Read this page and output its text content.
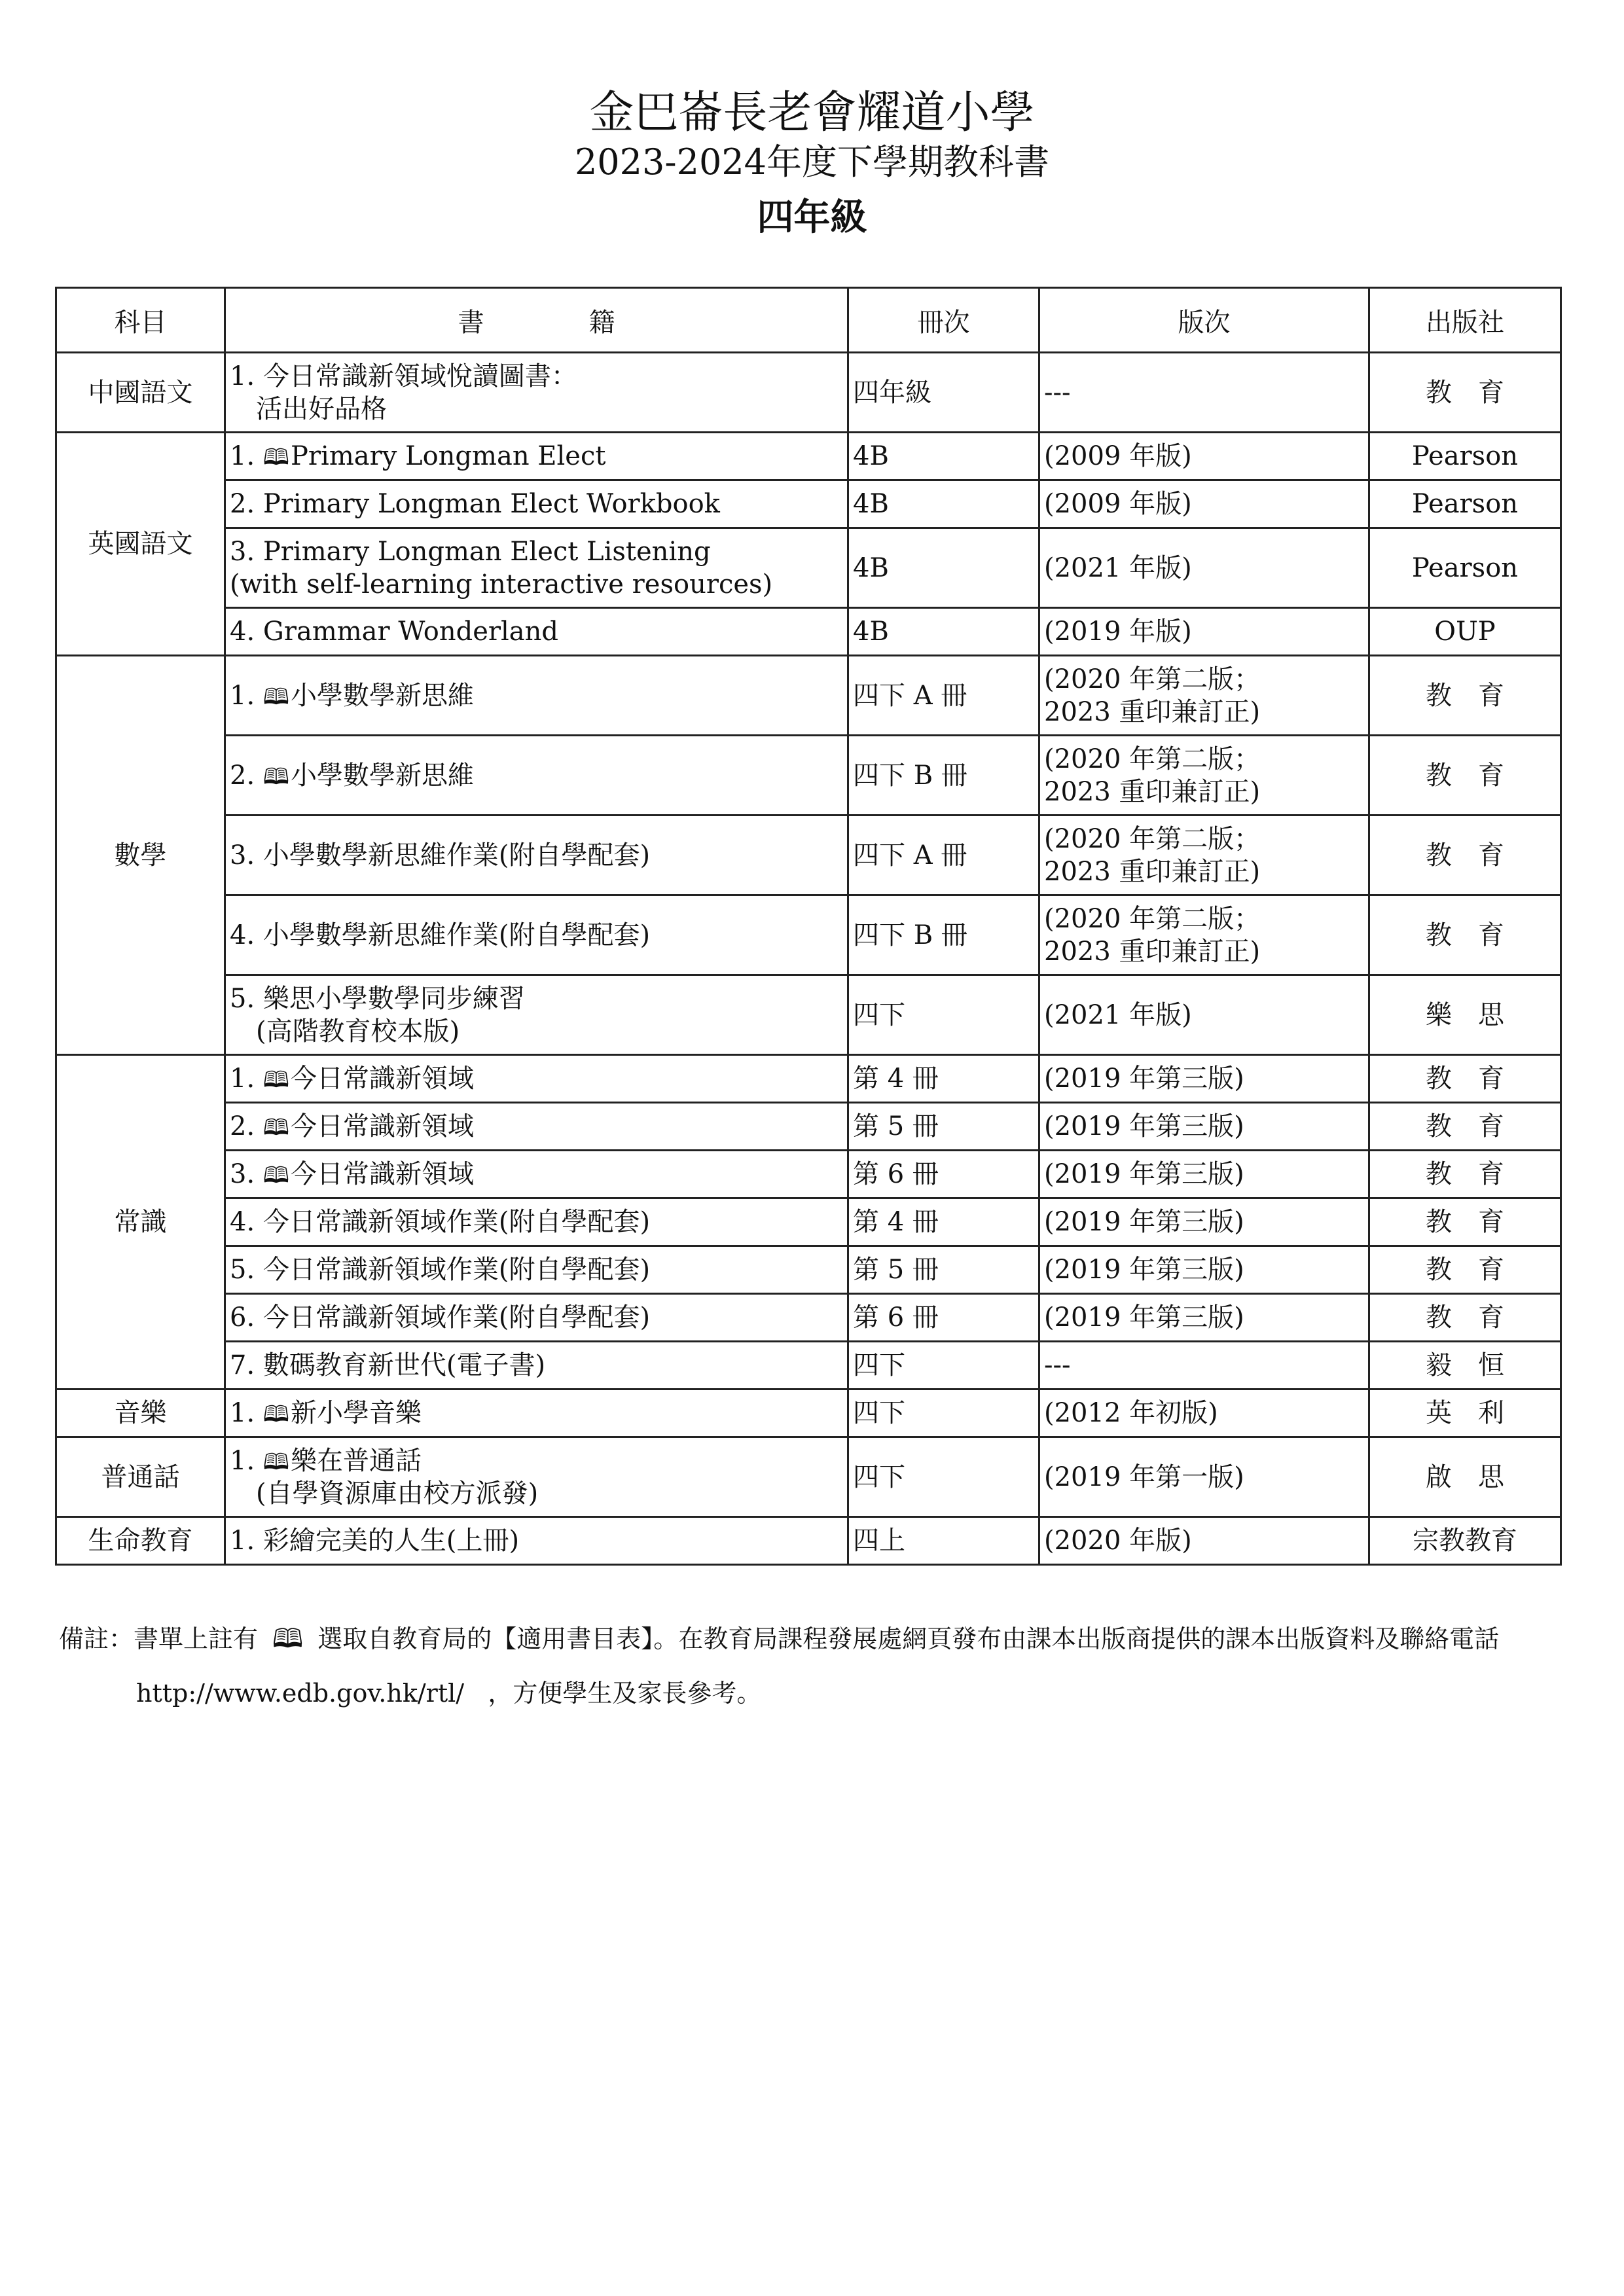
金巴崙長老會耀道小學
2023-2024年度下學期教科書
四年級
科目	書 籍	冊次	版次	出版社
中國語文	1. 今日常識新領域悅讀圖書：
活出好品格	四年級	---	教育
英國語文	1. 🕮Primary Longman Elect	4B	(2009 年版)	Pearson

	2. Primary Longman Elect Workbook	4B	(2009 年版)	Pearson

	3. Primary Longman Elect Listening
(with self-learning interactive resources)	4B	(2021 年版)	Pearson

	4. Grammar Wonderland	4B	(2019 年版)	OUP
數學	1. 🕮小學數學新思維	四下 A 冊	(2020 年第二版；
2023 重印兼訂正)	教育

	2. 🕮小學數學新思維	四下 B 冊	(2020 年第二版；
2023 重印兼訂正)	教育

	3. 小學數學新思維作業(附自學配套)	四下 A 冊	(2020 年第二版；
2023 重印兼訂正)	教育

	4. 小學數學新思維作業(附自學配套)	四下 B 冊	(2020 年第二版；
2023 重印兼訂正)	教育

	5. 樂思小學數學同步練習
(高階教育校本版)	四下	(2021 年版)	樂思
常識	1. 🕮今日常識新領域	第 4 冊	(2019 年第三版)	教育

	2. 🕮今日常識新領域	第 5 冊	(2019 年第三版)	教育

	3. 🕮今日常識新領域	第 6 冊	(2019 年第三版)	教育

	4. 今日常識新領域作業(附自學配套)	第 4 冊	(2019 年第三版)	教育

	5. 今日常識新領域作業(附自學配套)	第 5 冊	(2019 年第三版)	教育

	6. 今日常識新領域作業(附自學配套)	第 6 冊	(2019 年第三版)	教育

	7. 數碼教育新世代(電子書)	四下	---	毅恒
音樂	1. 🕮新小學音樂	四下	(2012 年初版)	英利
普通話	1. 🕮樂在普通話
(自學資源庫由校方派發)	四下	(2019 年第一版)	啟思
生命教育	1. 彩繪完美的人生(上冊)	四上	(2020 年版)	宗教教育
備註：書單上註有 🕮 選取自教育局的【適用書目表】。在教育局課程發展處網頁發布由課本出版商提供的課本出版資料及聯絡電話
http://www.edb.gov.hk/rtl/ ，方便學生及家長參考。
